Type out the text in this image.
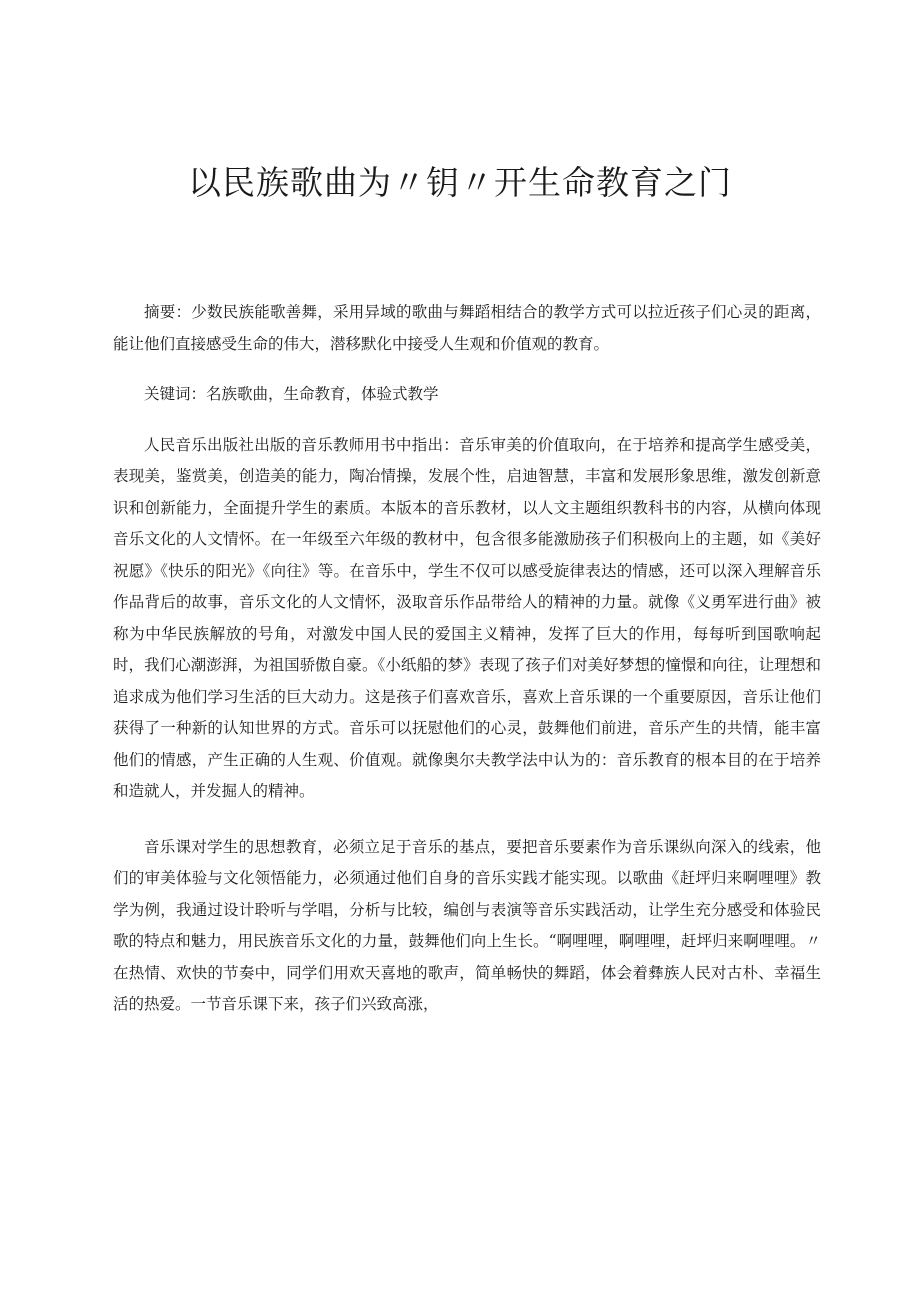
以民族歌曲为〃钥〃开生命教育之门

摘要：少数民族能歌善舞，采用异域的歌曲与舞蹈相结合的教学方式可以拉近孩子们心灵的距离，能让他们直接感受生命的伟大，潜移默化中接受人生观和价值观的教育。

关键词：名族歌曲，生命教育，体验式教学

人民音乐出版社出版的音乐教师用书中指出：音乐审美的价值取向，在于培养和提高学生感受美，表现美，鉴赏美，创造美的能力，陶冶情操，发展个性，启迪智慧，丰富和发展形象思维，激发创新意识和创新能力，全面提升学生的素质。本版本的音乐教材，以人文主题组织教科书的内容，从横向体现音乐文化的人文情怀。在一年级至六年级的教材中，包含很多能激励孩子们积极向上的主题，如《美好祝愿》《快乐的阳光》《向往》等。在音乐中，学生不仅可以感受旋律表达的情感，还可以深入理解音乐作品背后的故事，音乐文化的人文情怀，汲取音乐作品带给人的精神的力量。就像《义勇军进行曲》被称为中华民族解放的号角，对激发中国人民的爱国主义精神，发挥了巨大的作用，每每听到国歌响起时，我们心潮澎湃，为祖国骄傲自豪。《小纸船的梦》表现了孩子们对美好梦想的憧憬和向往，让理想和追求成为他们学习生活的巨大动力。这是孩子们喜欢音乐，喜欢上音乐课的一个重要原因，音乐让他们获得了一种新的认知世界的方式。音乐可以抚慰他们的心灵，鼓舞他们前进，音乐产生的共情，能丰富他们的情感，产生正确的人生观、价值观。就像奥尔夫教学法中认为的：音乐教育的根本目的在于培养和造就人，并发掘人的精神。

音乐课对学生的思想教育，必须立足于音乐的基点，要把音乐要素作为音乐课纵向深入的线索，他们的审美体验与文化领悟能力，必须通过他们自身的音乐实践才能实现。以歌曲《赶坪归来啊哩哩》教学为例，我通过设计聆听与学唱，分析与比较，编创与表演等音乐实践活动，让学生充分感受和体验民歌的特点和魅力，用民族音乐文化的力量，鼓舞他们向上生长。“啊哩哩，啊哩哩，赶坪归来啊哩哩。〃在热情、欢快的节奏中，同学们用欢天喜地的歌声，简单畅快的舞蹈，体会着彝族人民对古朴、幸福生活的热爱。一节音乐课下来，孩子们兴致高涨，
